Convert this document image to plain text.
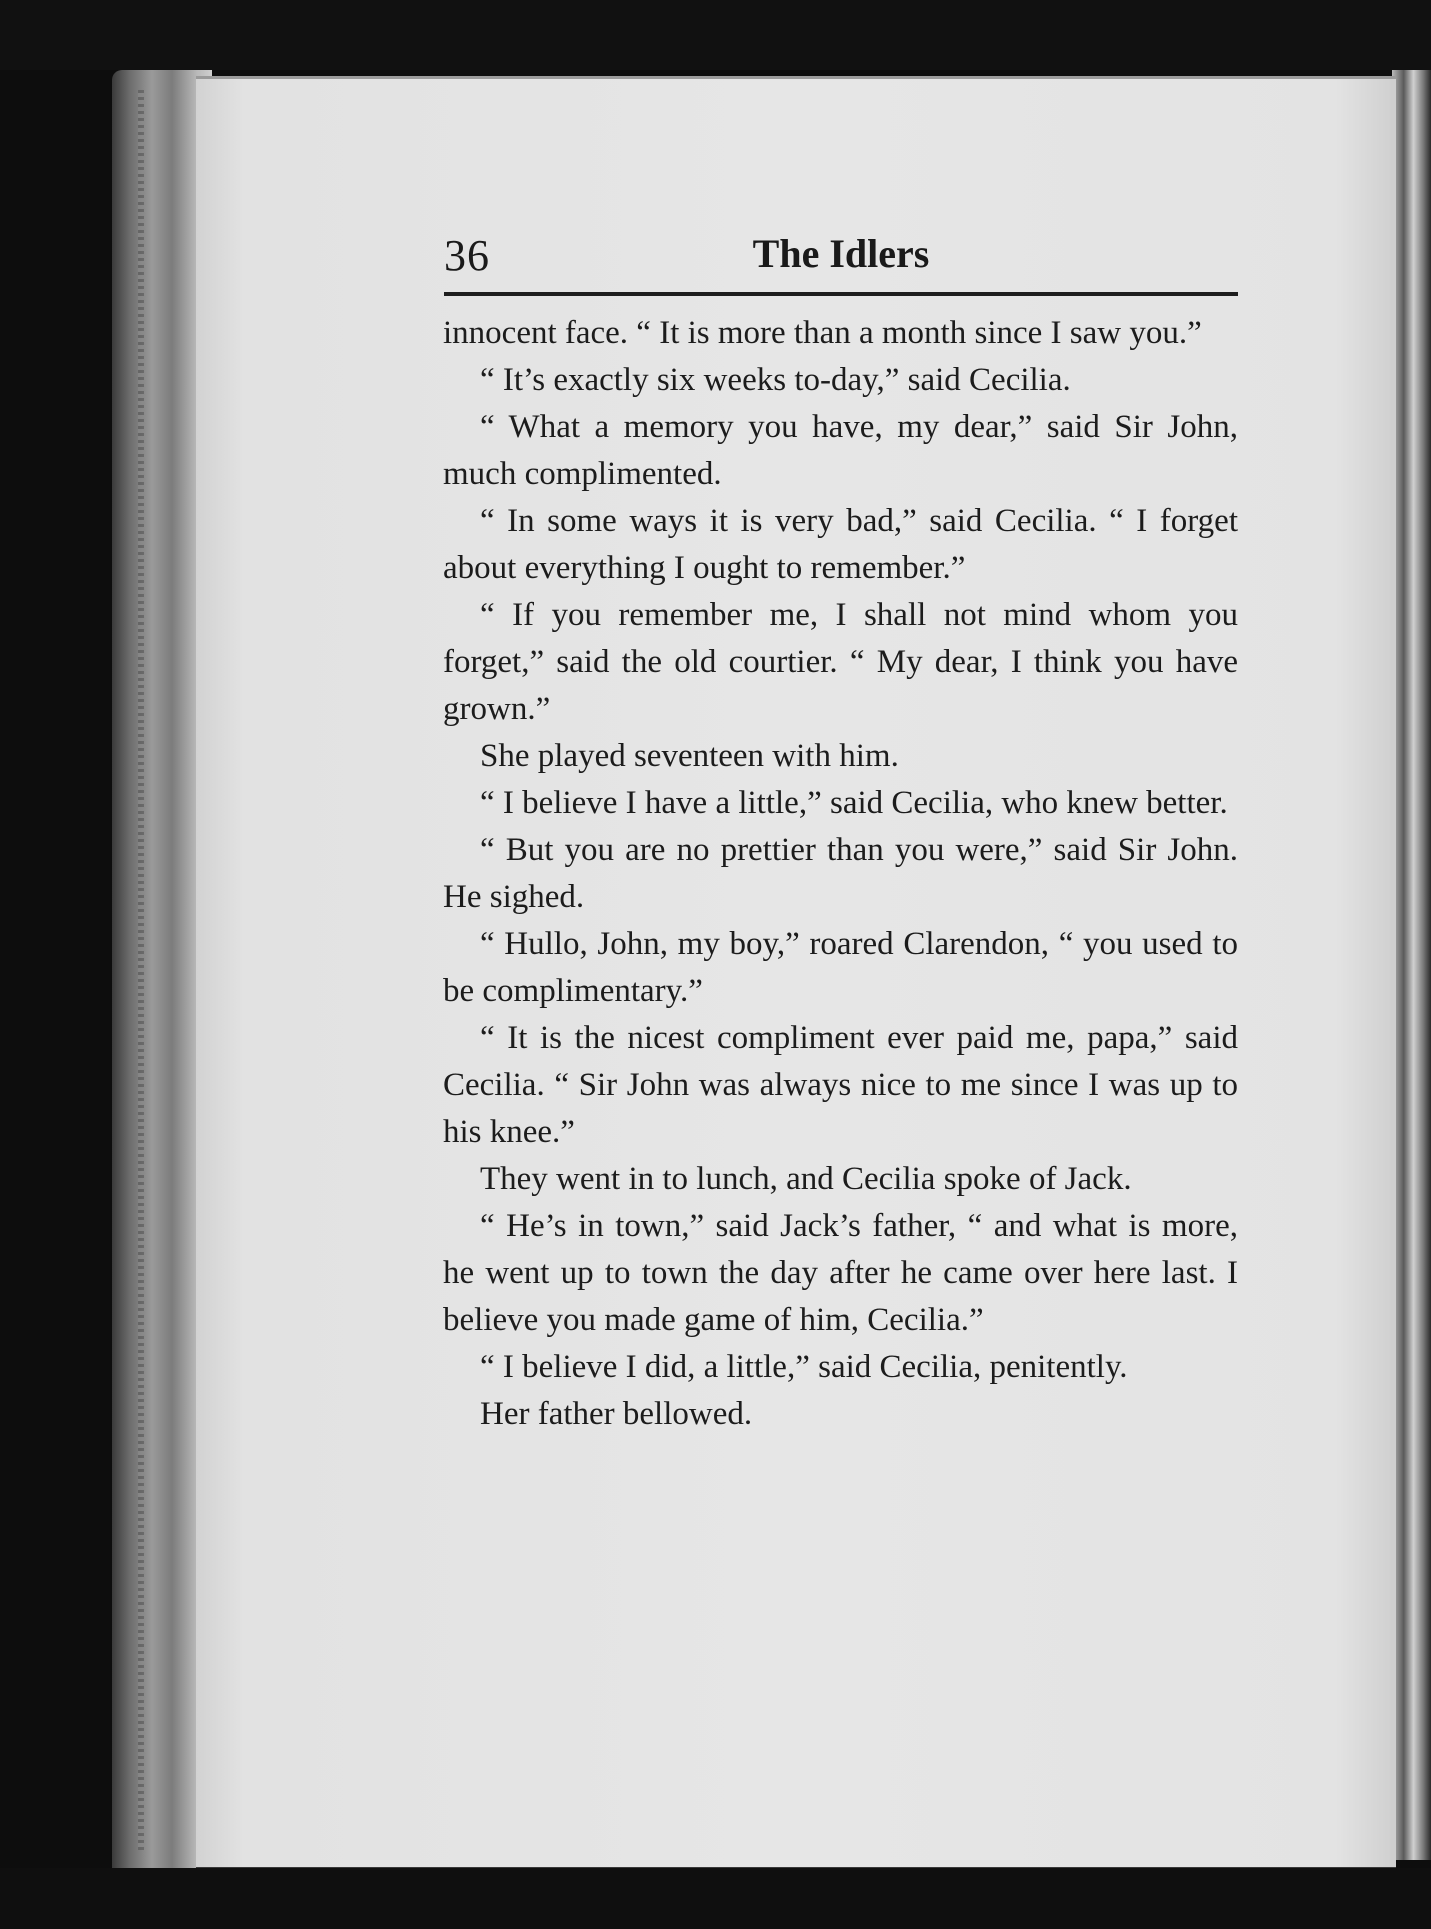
36	The Idlers

innocent face. “ It is more than a month since I saw you.”

“ It’s exactly six weeks to-day,” said Cecilia.

“ What a memory you have, my dear,” said Sir John, much complimented.

“ In some ways it is very bad,” said Cecilia. “ I forget about everything I ought to remember.”

“ If you remember me, I shall not mind whom you forget,” said the old courtier. “ My dear, I think you have grown.”

She played seventeen with him.

“ I believe I have a little,” said Cecilia, who knew better.

“ But you are no prettier than you were,” said Sir John. He sighed.

“ Hullo, John, my boy,” roared Clarendon, “ you used to be complimentary.”

“ It is the nicest compliment ever paid me, papa,” said Cecilia. “ Sir John was always nice to me since I was up to his knee.”

They went in to lunch, and Cecilia spoke of Jack.

“ He’s in town,” said Jack’s father, “ and what is more, he went up to town the day after he came over here last. I believe you made game of him, Cecilia.”

“ I believe I did, a little,” said Cecilia, penitently.

Her father bellowed.
